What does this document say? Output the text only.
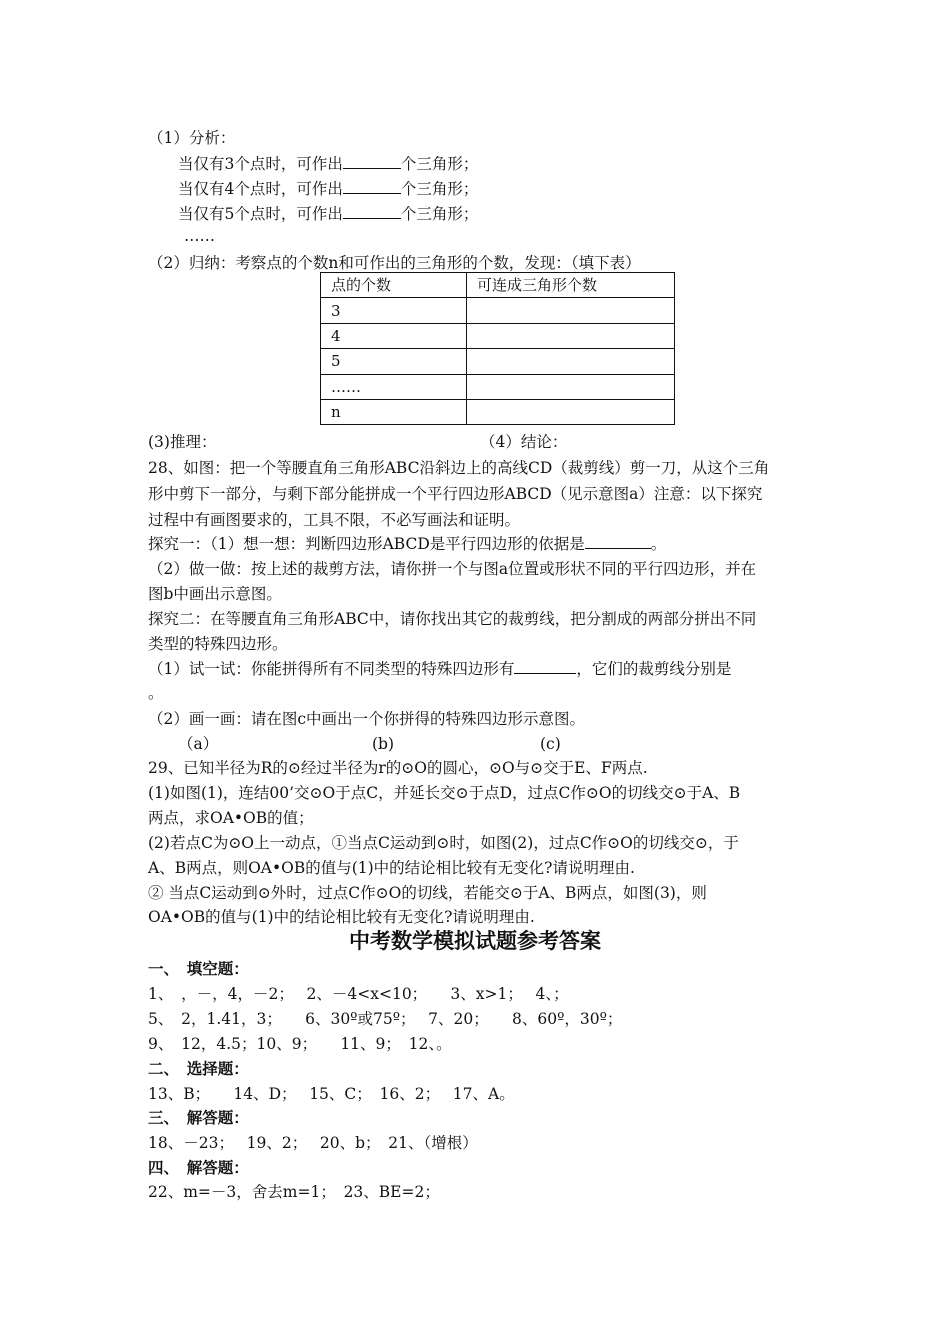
（1）分析：
当仅有3个点时，可作出	个三角形；
当仅有4个点时，可作出	个三角形；
当仅有5个点时，可作出	个三角形；
……
（2）归纳：考察点的个数n和可作出的三角形的个数，发现：（填下表）
点的个数	可连成三角形个数
3	
4	
5	
……	
n	
(3)推理：	（4）结论：
28、如图：把一个等腰直角三角形ABC沿斜边上的高线CD（裁剪线）剪一刀，从这个三角
形中剪下一部分，与剩下部分能拼成一个平行四边形ABCD（见示意图a）注意：以下探究
过程中有画图要求的，工具不限，不必写画法和证明。
探究一：（1）想一想：判断四边形ABCD是平行四边形的依据是	。
（2）做一做：按上述的裁剪方法，请你拼一个与图a位置或形状不同的平行四边形，并在
图b中画出示意图。
探究二：在等腰直角三角形ABC中，请你找出其它的裁剪线，把分割成的两部分拼出不同
类型的特殊四边形。
（1）试一试：你能拼得所有不同类型的特殊四边形有	，它们的裁剪线分别是
。
（2）画一画：请在图c中画出一个你拼得的特殊四边形示意图。
（a）	(b)	(c)
29、已知半径为R的⊙经过半径为r的⊙O的圆心，⊙O与⊙交于E、F两点.
(1)如图(1)，连结00’交⊙O于点C，并延长交⊙于点D，过点C作⊙O的切线交⊙于A、B
两点，求OA•OB的值；
(2)若点C为⊙O上一动点，①当点C运动到⊙时，如图(2)，过点C作⊙O的切线交⊙，于
A、B两点，则OA•OB的值与(1)中的结论相比较有无变化?请说明理由.
② 当点C运动到⊙外时，过点C作⊙O的切线，若能交⊙于A、B两点，如图(3)，则
OA•OB的值与(1)中的结论相比较有无变化?请说明理由.
中考数学模拟试题参考答案
一、　填空题：
1、　，－，4，－2；　 2、－4<x<10；　　3、x>1；　 4、；
5、　2，1.41，3；　　6、30º或75º；　 7、20；　　8、60º，30º；
9、　12，4.5；10、9；　　11、9；　12、。
二、　选择题：
13、B；　　14、D；　 15、C；　16、2；　 17、A。
三、　解答题：
18、－23；　 19、2；　 20、b；　21、（增根）
四、　解答题：
22、m=－3，舍去m=1；　23、BE=2；
